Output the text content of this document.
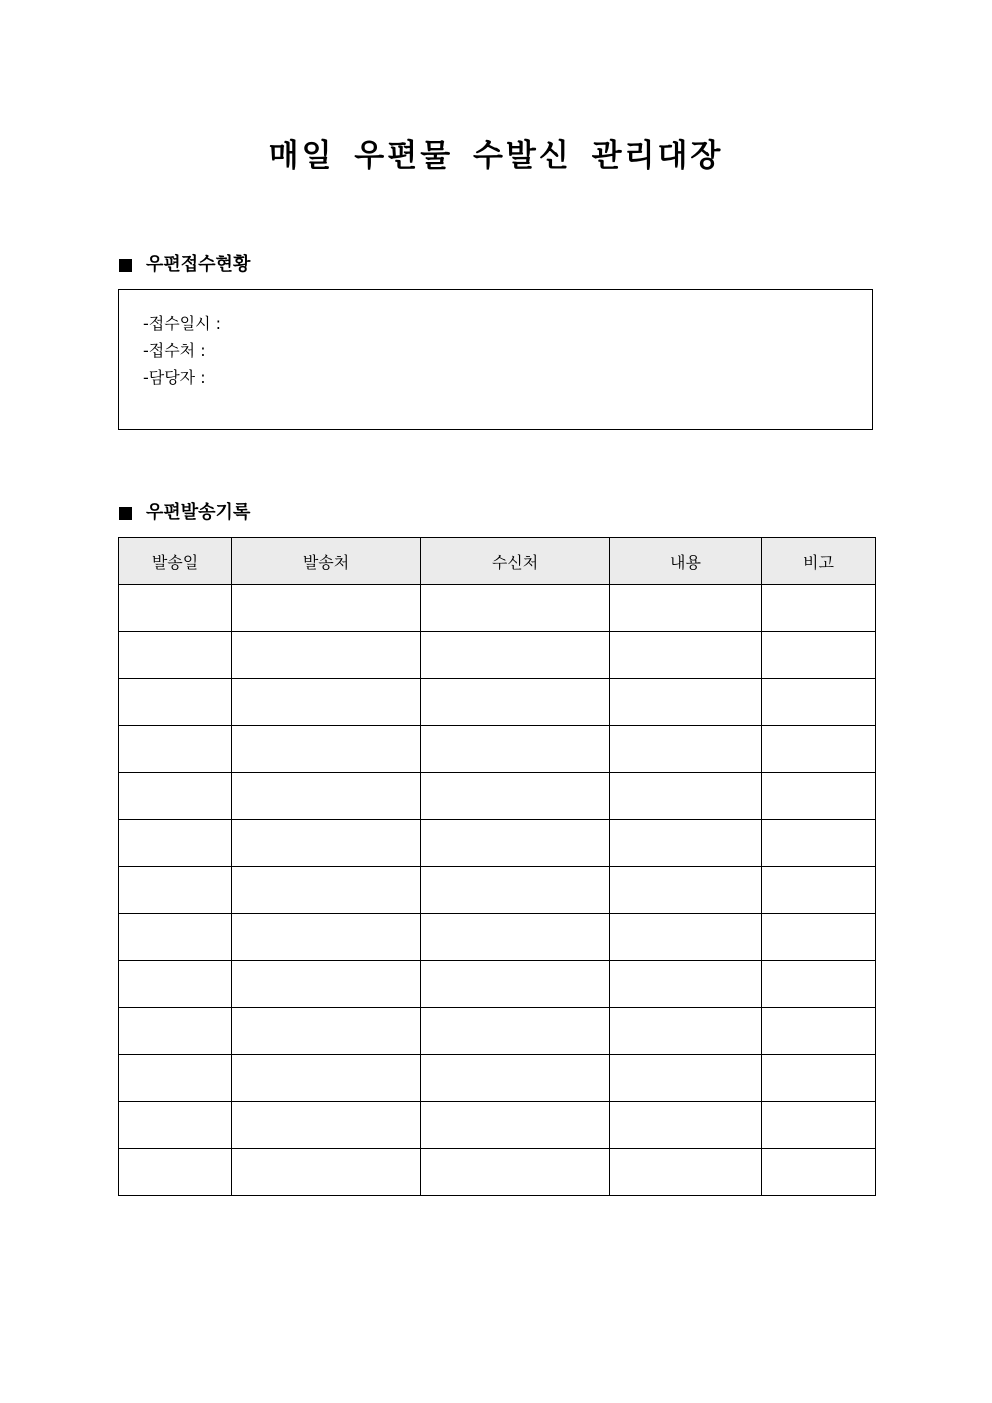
매일 우편물 수발신 관리대장
우편접수현황
-접수일시 :
-접수처 :
-담당자 :
우편발송기록
발송일	발송처	수신처	내용	비고
